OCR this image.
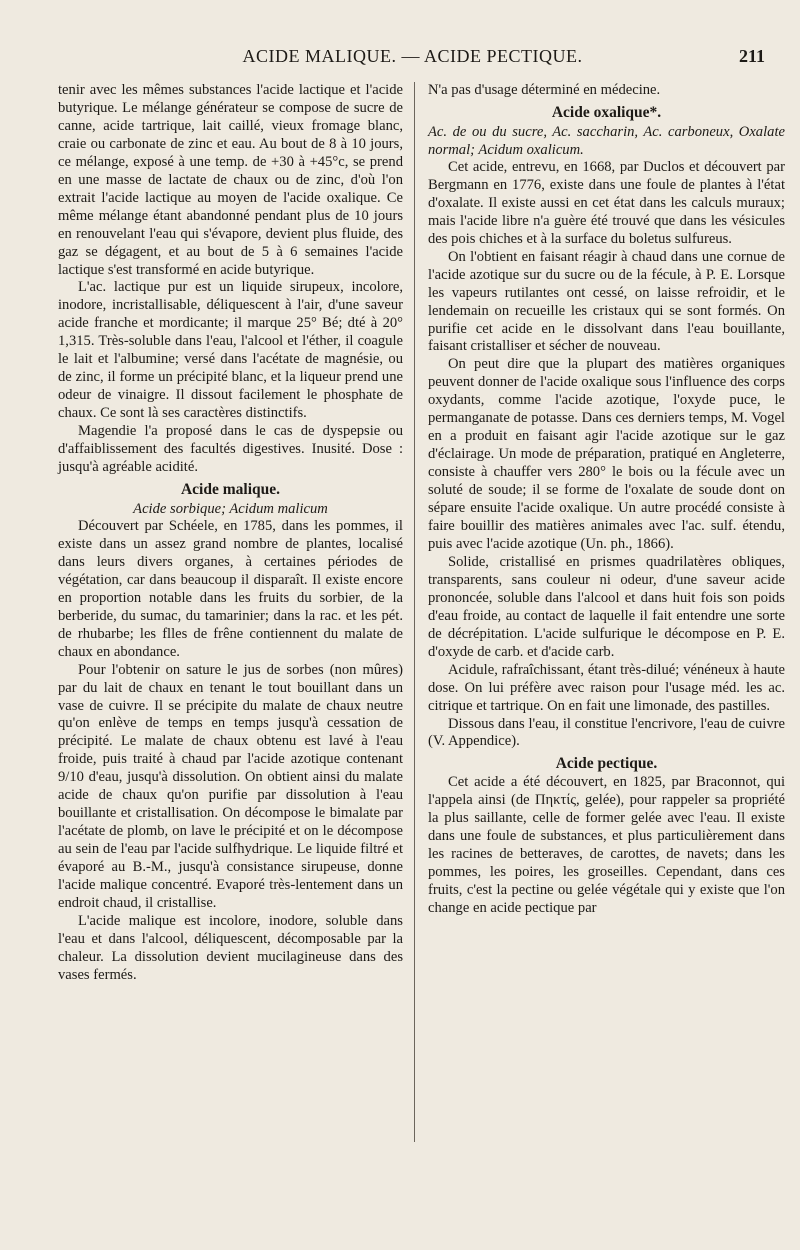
ACIDE MALIQUE. — ACIDE PECTIQUE.	211

tenir avec les mêmes substances l'acide lactique et l'acide butyrique. Le mélange générateur se compose de sucre de canne, acide tartrique, lait caillé, vieux fromage blanc, craie ou carbonate de zinc et eau. Au bout de 8 à 10 jours, ce mélange, exposé à une temp. de +30 à +45°c, se prend en une masse de lactate de chaux ou de zinc, d'où l'on extrait l'acide lactique au moyen de l'acide oxalique. Ce même mélange étant abandonné pendant plus de 10 jours en renouvelant l'eau qui s'évapore, devient plus fluide, des gaz se dégagent, et au bout de 5 à 6 semaines l'acide lactique s'est transformé en acide butyrique.

L'ac. lactique pur est un liquide sirupeux, incolore, inodore, incristallisable, déliquescent à l'air, d'une saveur acide franche et mordicante; il marque 25° Bé; dté à 20° 1,315. Très-soluble dans l'eau, l'alcool et l'éther, il coagule le lait et l'albumine; versé dans l'acétate de magnésie, ou de zinc, il forme un précipité blanc, et la liqueur prend une odeur de vinaigre. Il dissout facilement le phosphate de chaux. Ce sont là ses caractères distinctifs.

Magendie l'a proposé dans le cas de dyspepsie ou d'affaiblissement des facultés digestives. Inusité. Dose : jusqu'à agréable acidité.

Acide malique.

Acide sorbique; Acidum malicum

Découvert par Schéele, en 1785, dans les pommes, il existe dans un assez grand nombre de plantes, localisé dans leurs divers organes, à certaines périodes de végétation, car dans beaucoup il disparaît. Il existe encore en proportion notable dans les fruits du sorbier, de la berberide, du sumac, du tamarinier; dans la rac. et les pét. de rhubarbe; les flles de frêne contiennent du malate de chaux en abondance.

Pour l'obtenir on sature le jus de sorbes (non mûres) par du lait de chaux en tenant le tout bouillant dans un vase de cuivre. Il se précipite du malate de chaux neutre qu'on enlève de temps en temps jusqu'à cessation de précipité. Le malate de chaux obtenu est lavé à l'eau froide, puis traité à chaud par l'acide azotique contenant 9/10 d'eau, jusqu'à dissolution. On obtient ainsi du malate acide de chaux qu'on purifie par dissolution à l'eau bouillante et cristallisation. On décompose le bimalate par l'acétate de plomb, on lave le précipité et on le décompose au sein de l'eau par l'acide sulfhydrique. Le liquide filtré et évaporé au B.-M., jusqu'à consistance sirupeuse, donne l'acide malique concentré. Evaporé très-lentement dans un endroit chaud, il cristallise.

L'acide malique est incolore, inodore, soluble dans l'eau et dans l'alcool, déliquescent, décomposable par la chaleur. La dissolution devient mucilagineuse dans des vases fermés.

N'a pas d'usage déterminé en médecine.

Acide oxalique*.

Ac. de ou du sucre, Ac. saccharin, Ac. carboneux, Oxalate normal; Acidum oxalicum.

Cet acide, entrevu, en 1668, par Duclos et découvert par Bergmann en 1776, existe dans une foule de plantes à l'état d'oxalate. Il existe aussi en cet état dans les calculs muraux; mais l'acide libre n'a guère été trouvé que dans les vésicules des pois chiches et à la surface du boletus sulfureus.

On l'obtient en faisant réagir à chaud dans une cornue de l'acide azotique sur du sucre ou de la fécule, à P. E. Lorsque les vapeurs rutilantes ont cessé, on laisse refroidir, et le lendemain on recueille les cristaux qui se sont formés. On purifie cet acide en le dissolvant dans l'eau bouillante, faisant cristalliser et sécher de nouveau.

On peut dire que la plupart des matières organiques peuvent donner de l'acide oxalique sous l'influence des corps oxydants, comme l'acide azotique, l'oxyde puce, le permanganate de potasse. Dans ces derniers temps, M. Vogel en a produit en faisant agir l'acide azotique sur le gaz d'éclairage. Un mode de préparation, pratiqué en Angleterre, consiste à chauffer vers 280° le bois ou la fécule avec un soluté de soude; il se forme de l'oxalate de soude dont on sépare ensuite l'acide oxalique. Un autre procédé consiste à faire bouillir des matières animales avec l'ac. sulf. étendu, puis avec l'acide azotique (Un. ph., 1866).

Solide, cristallisé en prismes quadrilatères obliques, transparents, sans couleur ni odeur, d'une saveur acide prononcée, soluble dans l'alcool et dans huit fois son poids d'eau froide, au contact de laquelle il fait entendre une sorte de décrépitation. L'acide sulfurique le décompose en P. E. d'oxyde de carb. et d'acide carb.

Acidule, rafraîchissant, étant très-dilué; vénéneux à haute dose. On lui préfère avec raison pour l'usage méd. les ac. citrique et tartrique. On en fait une limonade, des pastilles.

Dissous dans l'eau, il constitue l'encrivore, l'eau de cuivre (V. Appendice).

Acide pectique.

Cet acide a été découvert, en 1825, par Braconnot, qui l'appela ainsi (de Πηκτίς, gelée), pour rappeler sa propriété la plus saillante, celle de former gelée avec l'eau. Il existe dans une foule de substances, et plus particulièrement dans les racines de betteraves, de carottes, de navets; dans les pommes, les poires, les groseilles. Cependant, dans ces fruits, c'est la pectine ou gelée végétale qui y existe que l'on change en acide pectique par
